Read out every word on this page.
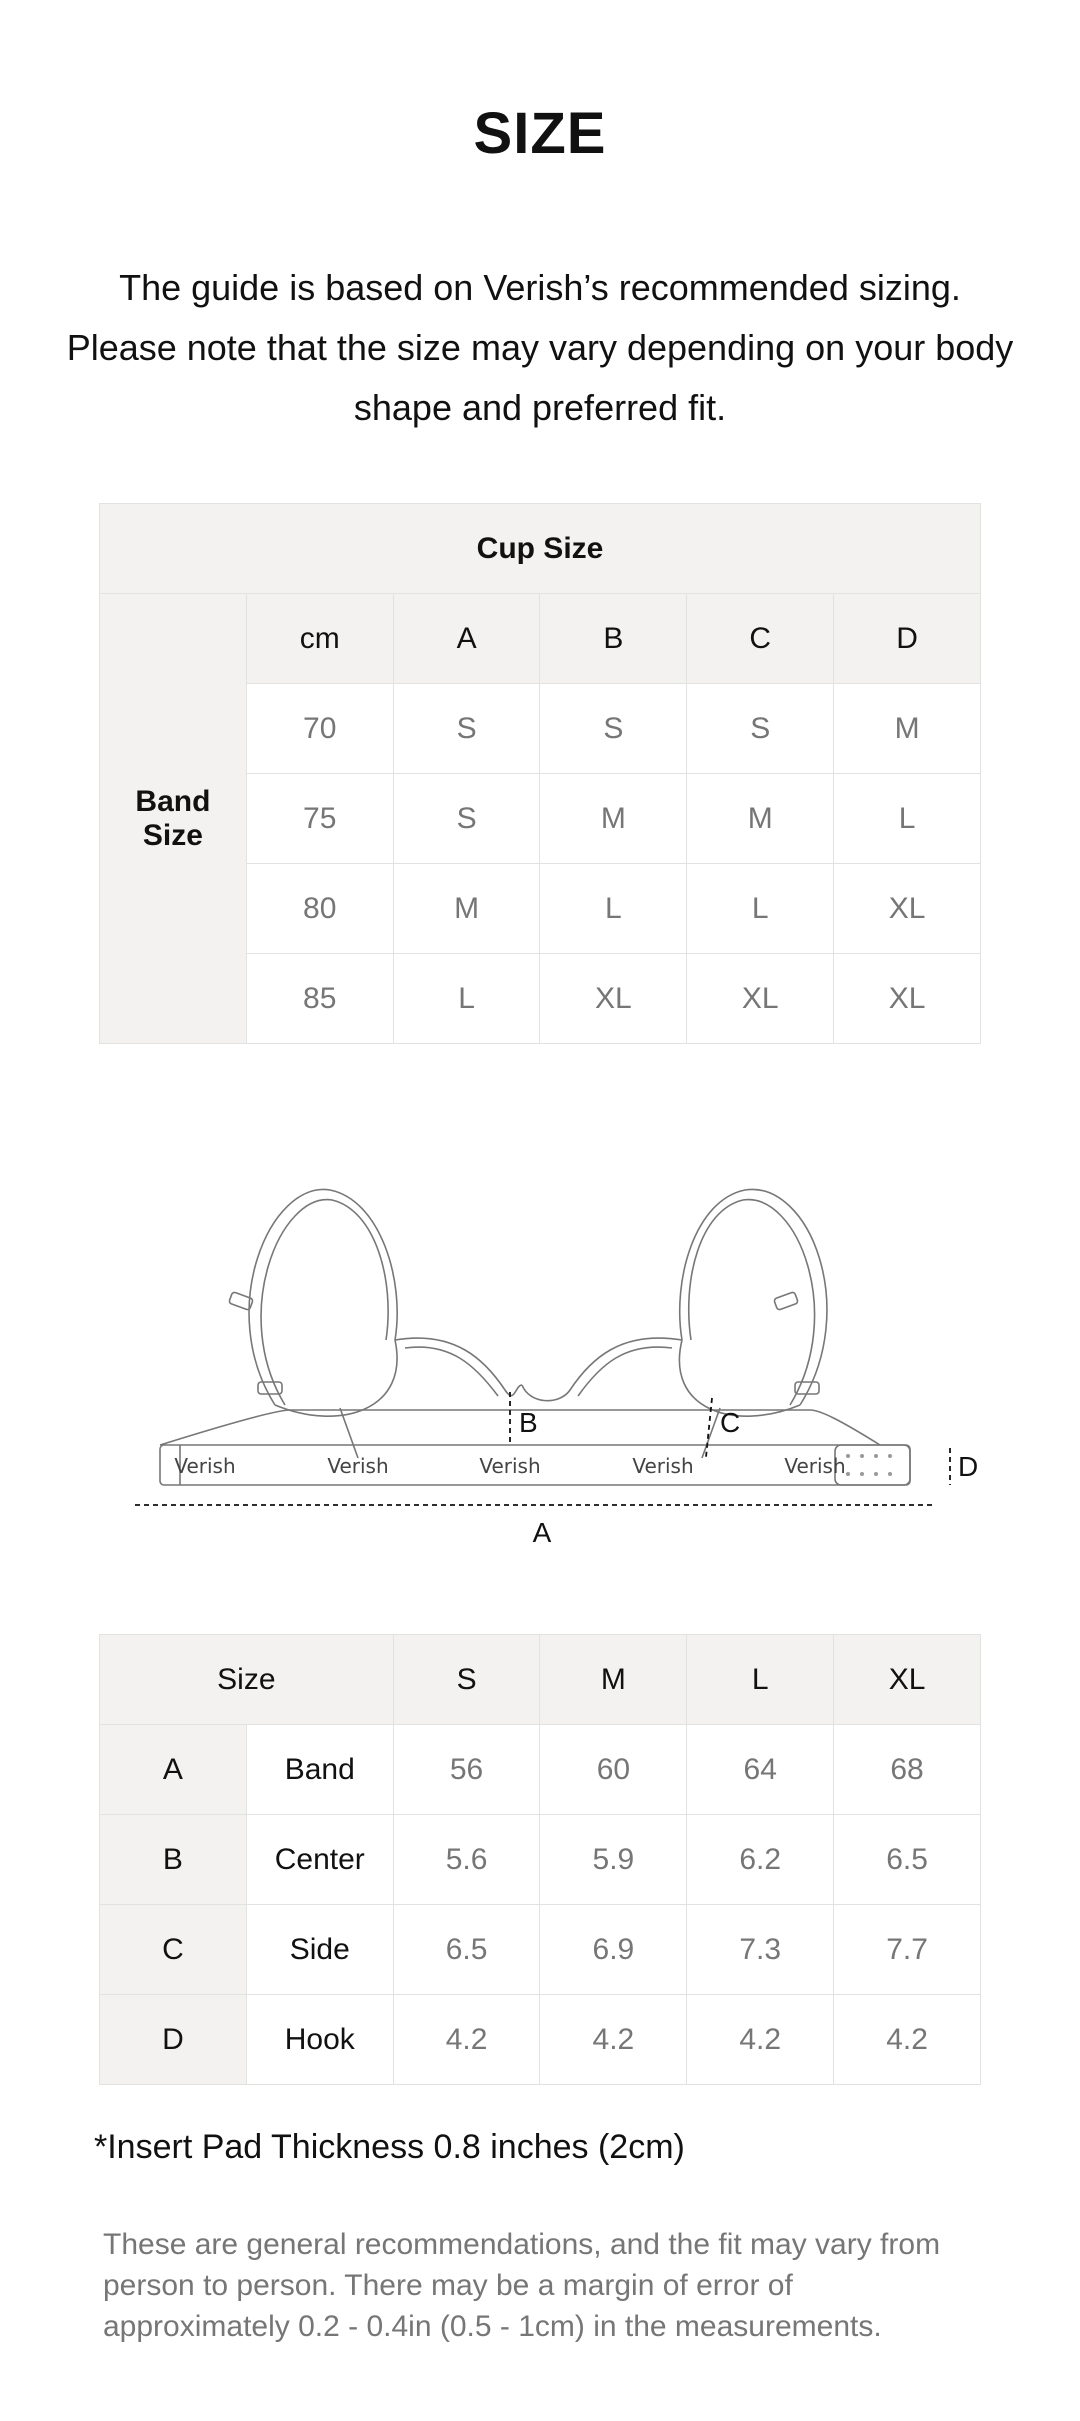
SIZE
The guide is based on Verish’s recommended sizing. Please note that the size may vary depending on your body shape and preferred fit.
Cup Size					
Band Size	cm	A	B	C	D
	70	S	S	S	M
	75	S	M	M	L
	80	M	L	L	XL
	85	L	XL	XL	XL
Verish	Verish	Verish	Verish	Verish
A
B	C
D
Size		S	M	L	XL
A	Band	56	60	64	68
B	Center	5.6	5.9	6.2	6.5
C	Side	6.5	6.9	7.3	7.7
D	Hook	4.2	4.2	4.2	4.2
*Insert Pad Thickness 0.8 inches (2cm)
These are general recommendations, and the fit may vary from person to person. There may be a margin of error of approximately 0.2 - 0.4in (0.5 - 1cm) in the measurements.
